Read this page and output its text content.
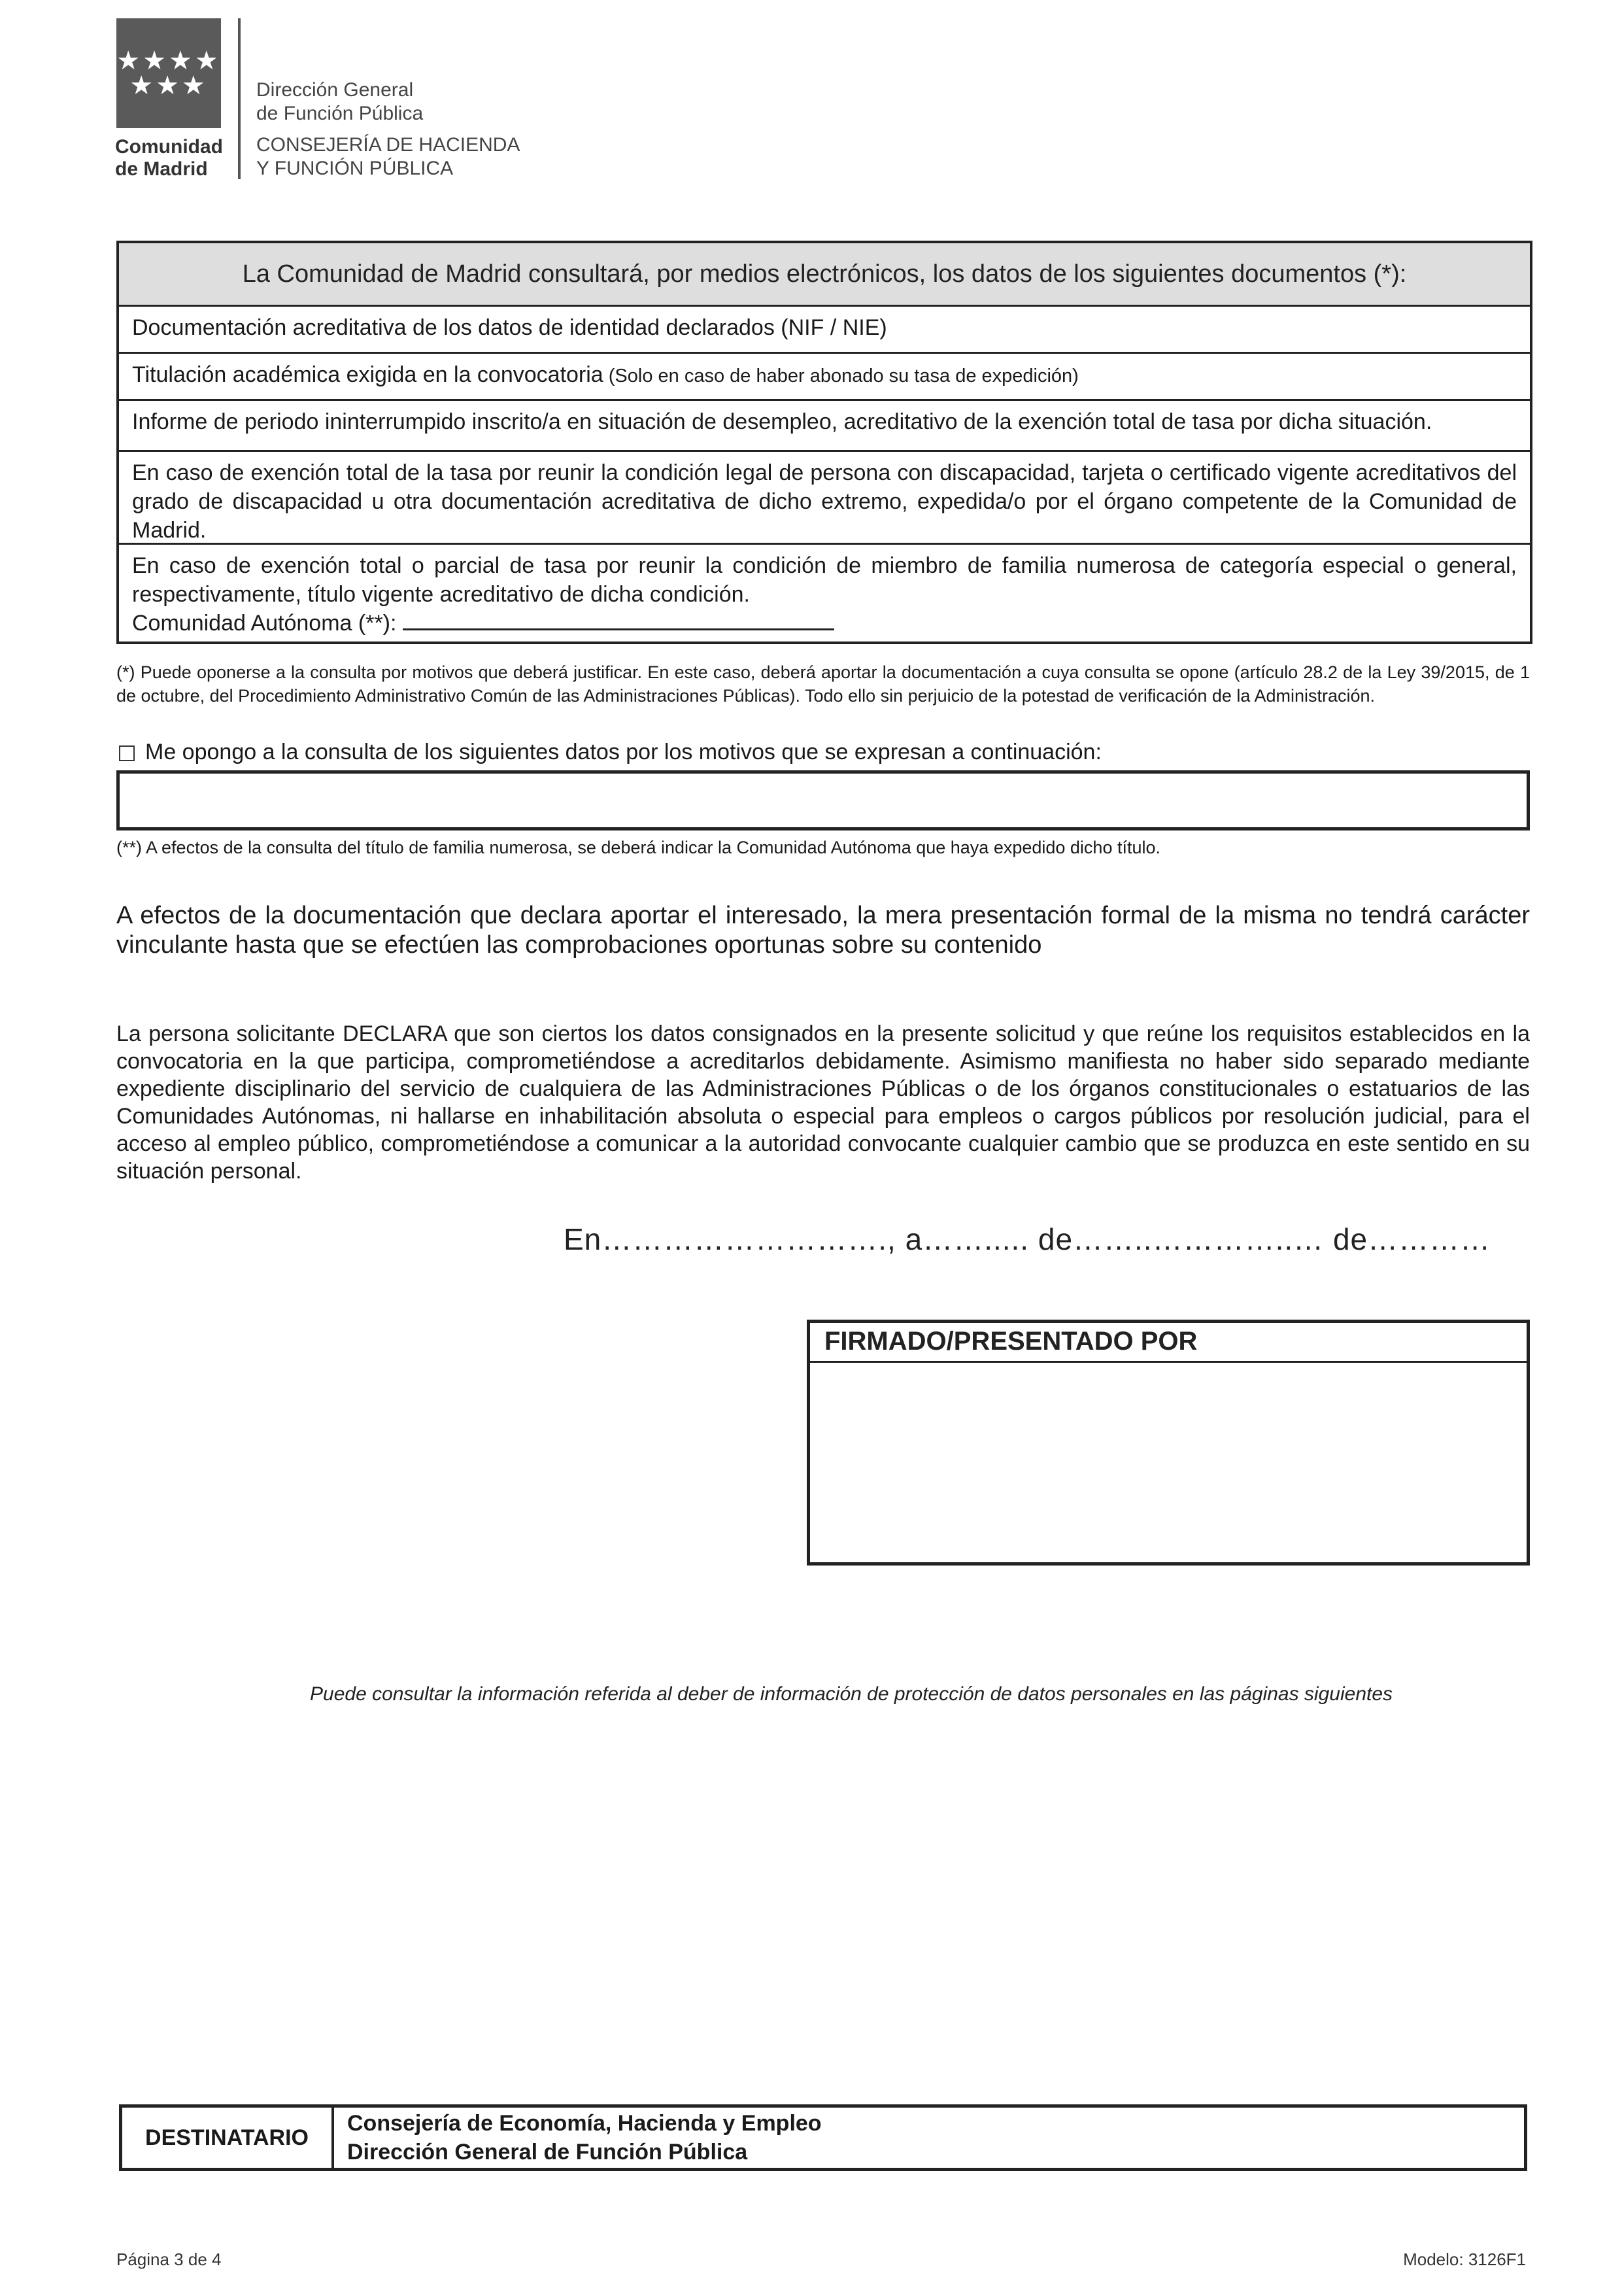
★★★★
★★★
Comunidad
de Madrid
Dirección General
de Función Pública
CONSEJERÍA DE HACIENDA
Y FUNCIÓN PÚBLICA
La Comunidad de Madrid consultará, por medios electrónicos, los datos de los siguientes documentos (*):
Documentación acreditativa de los datos de identidad declarados (NIF / NIE)
Titulación académica exigida en la convocatoria (Solo en caso de haber abonado su tasa de expedición)
Informe de periodo ininterrumpido inscrito/a en situación de desempleo, acreditativo de la exención total de tasa por dicha situación.
En caso de exención total de la tasa por reunir la condición legal de persona con discapacidad, tarjeta o certificado vigente acreditativos del grado de discapacidad u otra documentación acreditativa de dicho extremo, expedida/o por el órgano competente de la Comunidad de Madrid.
En caso de exención total o parcial de tasa por reunir la condición de miembro de familia numerosa de categoría especial o general, respectivamente, título vigente acreditativo de dicha condición.
Comunidad Autónoma (**):
(*) Puede oponerse a la consulta por motivos que deberá justificar. En este caso, deberá aportar la documentación a cuya consulta se opone (artículo 28.2 de la Ley 39/2015, de 1 de octubre, del Procedimiento Administrativo Común de las Administraciones Públicas). Todo ello sin perjuicio de la potestad de verificación de la Administración.
Me opongo a la consulta de los siguientes datos por los motivos que se expresan a continuación:
(**) A efectos de la consulta del título de familia numerosa, se deberá indicar la Comunidad Autónoma que haya expedido dicho título.
A efectos de la documentación que declara aportar el interesado, la mera presentación formal de la misma no tendrá carácter vinculante hasta que se efectúen las comprobaciones oportunas sobre su contenido
La persona solicitante DECLARA que son ciertos los datos consignados en la presente solicitud y que reúne los requisitos establecidos en la convocatoria en la que participa, comprometiéndose a acreditarlos debidamente. Asimismo manifiesta no haber sido separado mediante expediente disciplinario del servicio de cualquiera de las Administraciones Públicas o de los órganos constitucionales o estatuarios de las Comunidades Autónomas, ni hallarse en inhabilitación absoluta o especial para empleos o cargos públicos por resolución judicial, para el acceso al empleo público, comprometiéndose a comunicar a la autoridad convocante cualquier cambio que se produzca en este sentido en su situación personal.
En………………………., a……..... de……..…………..… de…………
FIRMADO/PRESENTADO POR
Puede consultar la información referida al deber de información de protección de datos personales en las páginas siguientes
DESTINATARIO
Consejería de Economía, Hacienda y Empleo
Dirección General de Función Pública
Página 3 de 4	Modelo: 3126F1
